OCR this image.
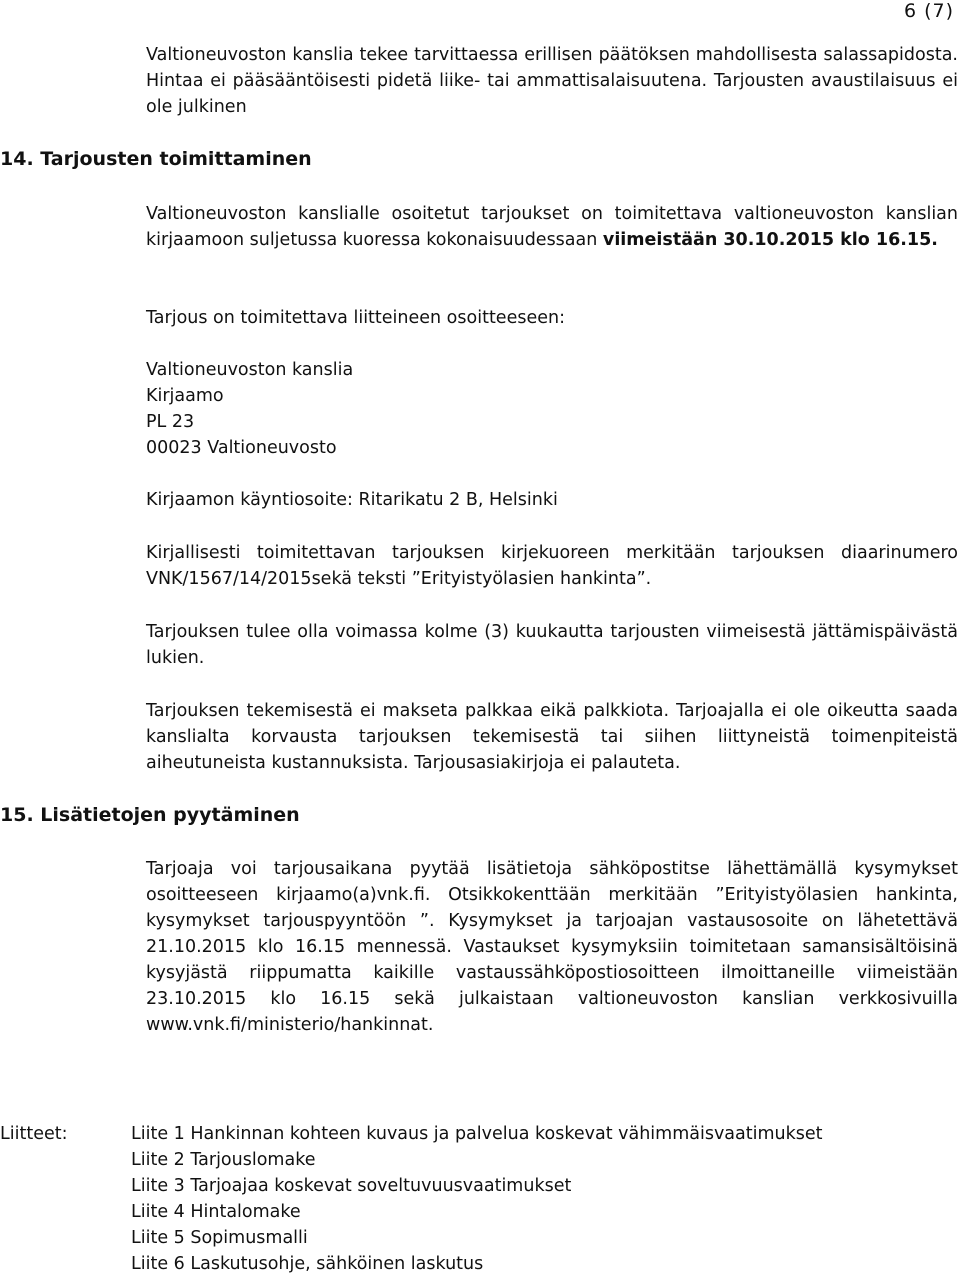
6 (7)

Valtioneuvoston kanslia tekee tarvittaessa erillisen päätöksen mahdollisesta salassapidosta. Hintaa ei pääsääntöisesti pidetä liike- tai ammattisalaisuutena. Tarjousten avaustilaisuus ei ole julkinen

14. Tarjousten toimittaminen

Valtioneuvoston kanslialle osoitetut tarjoukset on toimitettava valtioneuvoston kanslian kirjaamoon suljetussa kuoressa kokonaisuudessaan viimeistään 30.10.2015 klo 16.15.

Tarjous on toimitettava liitteineen osoitteeseen:

Valtioneuvoston kanslia

Kirjaamo

PL 23

00023 Valtioneuvosto

Kirjaamon käyntiosoite: Ritarikatu 2 B, Helsinki

Kirjallisesti toimitettavan tarjouksen kirjekuoreen merkitään tarjouksen diaarinumero VNK/1567/14/2015sekä teksti ”Erityistyölasien hankinta”.

Tarjouksen tulee olla voimassa kolme (3) kuukautta tarjousten viimeisestä jättämispäivästä lukien.

Tarjouksen tekemisestä ei makseta palkkaa eikä palkkiota. Tarjoajalla ei ole oikeutta saada kanslialta korvausta tarjouksen tekemisestä tai siihen liittyneistä toimenpiteistä aiheutuneista kustannuksista. Tarjousasiakirjoja ei palauteta.

15. Lisätietojen pyytäminen

Tarjoaja voi tarjousaikana pyytää lisätietoja sähköpostitse lähettämällä kysymykset osoitteeseen kirjaamo(a)vnk.fi. Otsikkokenttään merkitään ”Erityistyölasien hankinta, kysymykset tarjouspyyntöön ”. Kysymykset ja tarjoajan vastausosoite on lähetettävä 21.10.2015 klo 16.15 mennessä. Vastaukset kysymyksiin toimitetaan samansisältöisinä kysyjästä riippumatta kaikille vastaussähköpostiosoitteen ilmoittaneille viimeistään 23.10.2015 klo 16.15 sekä julkaistaan valtioneuvoston kanslian verkkosivuilla www.vnk.fi/ministerio/hankinnat.

Liitteet:	Liite 1 Hankinnan kohteen kuvaus ja palvelua koskevat vähimmäisvaatimukset
Liite 2 Tarjouslomake
Liite 3 Tarjoajaa koskevat soveltuvuusvaatimukset
Liite 4 Hintalomake
Liite 5 Sopimusmalli
Liite 6 Laskutusohje, sähköinen laskutus
